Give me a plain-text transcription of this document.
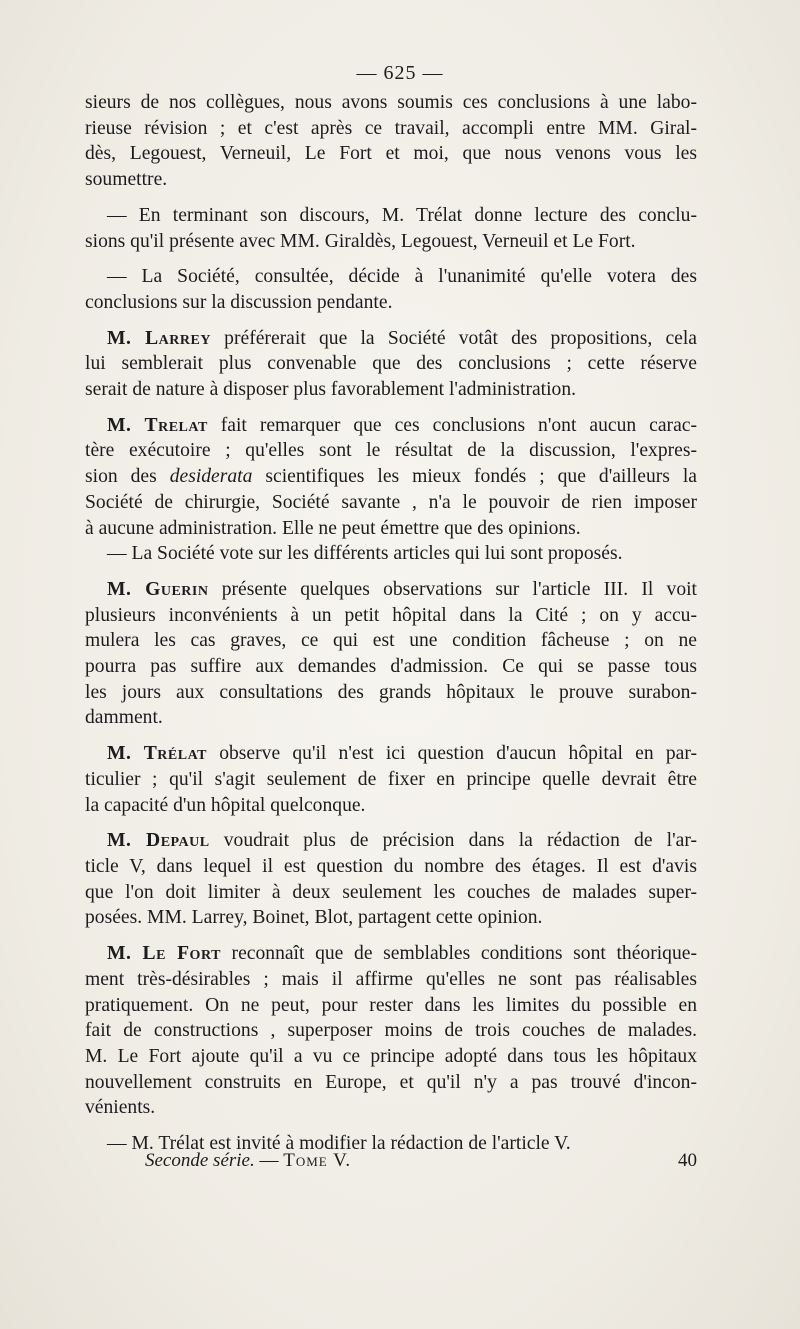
— 625 —
sieurs de nos collègues, nous avons soumis ces conclusions à une labo-
rieuse révision ; et c'est après ce travail, accompli entre MM. Giral-
dès, Legouest, Verneuil, Le Fort et moi, que nous venons vous les
soumettre.
— En terminant son discours, M. Trélat donne lecture des conclu-
sions qu'il présente avec MM. Giraldès, Legouest, Verneuil et Le Fort.
— La Société, consultée, décide à l'unanimité qu'elle votera des
conclusions sur la discussion pendante.
M. Larrey préférerait que la Société votât des propositions, cela
lui semblerait plus convenable que des conclusions ; cette réserve
serait de nature à disposer plus favorablement l'administration.
M. Trelat fait remarquer que ces conclusions n'ont aucun carac-
tère exécutoire ; qu'elles sont le résultat de la discussion, l'expres-
sion des desiderata scientifiques les mieux fondés ; que d'ailleurs la
Société de chirurgie, Société savante , n'a le pouvoir de rien imposer
à aucune administration. Elle ne peut émettre que des opinions.
— La Société vote sur les différents articles qui lui sont proposés.
M. Guerin présente quelques observations sur l'article III. Il voit
plusieurs inconvénients à un petit hôpital dans la Cité ; on y accu-
mulera les cas graves, ce qui est une condition fâcheuse ; on ne
pourra pas suffire aux demandes d'admission. Ce qui se passe tous
les jours aux consultations des grands hôpitaux le prouve surabon-
damment.
M. Trélat observe qu'il n'est ici question d'aucun hôpital en par-
ticulier ; qu'il s'agit seulement de fixer en principe quelle devrait être
la capacité d'un hôpital quelconque.
M. Depaul voudrait plus de précision dans la rédaction de l'ar-
ticle V, dans lequel il est question du nombre des étages. Il est d'avis
que l'on doit limiter à deux seulement les couches de malades super-
posées. MM. Larrey, Boinet, Blot, partagent cette opinion.
M. Le Fort reconnaît que de semblables conditions sont théorique-
ment très-désirables ; mais il affirme qu'elles ne sont pas réalisables
pratiquement. On ne peut, pour rester dans les limites du possible en
fait de constructions , superposer moins de trois couches de malades.
M. Le Fort ajoute qu'il a vu ce principe adopté dans tous les hôpitaux
nouvellement construits en Europe, et qu'il n'y a pas trouvé d'incon-
vénients.
— M. Trélat est invité à modifier la rédaction de l'article V.
Seconde série. — Tome V.	40
